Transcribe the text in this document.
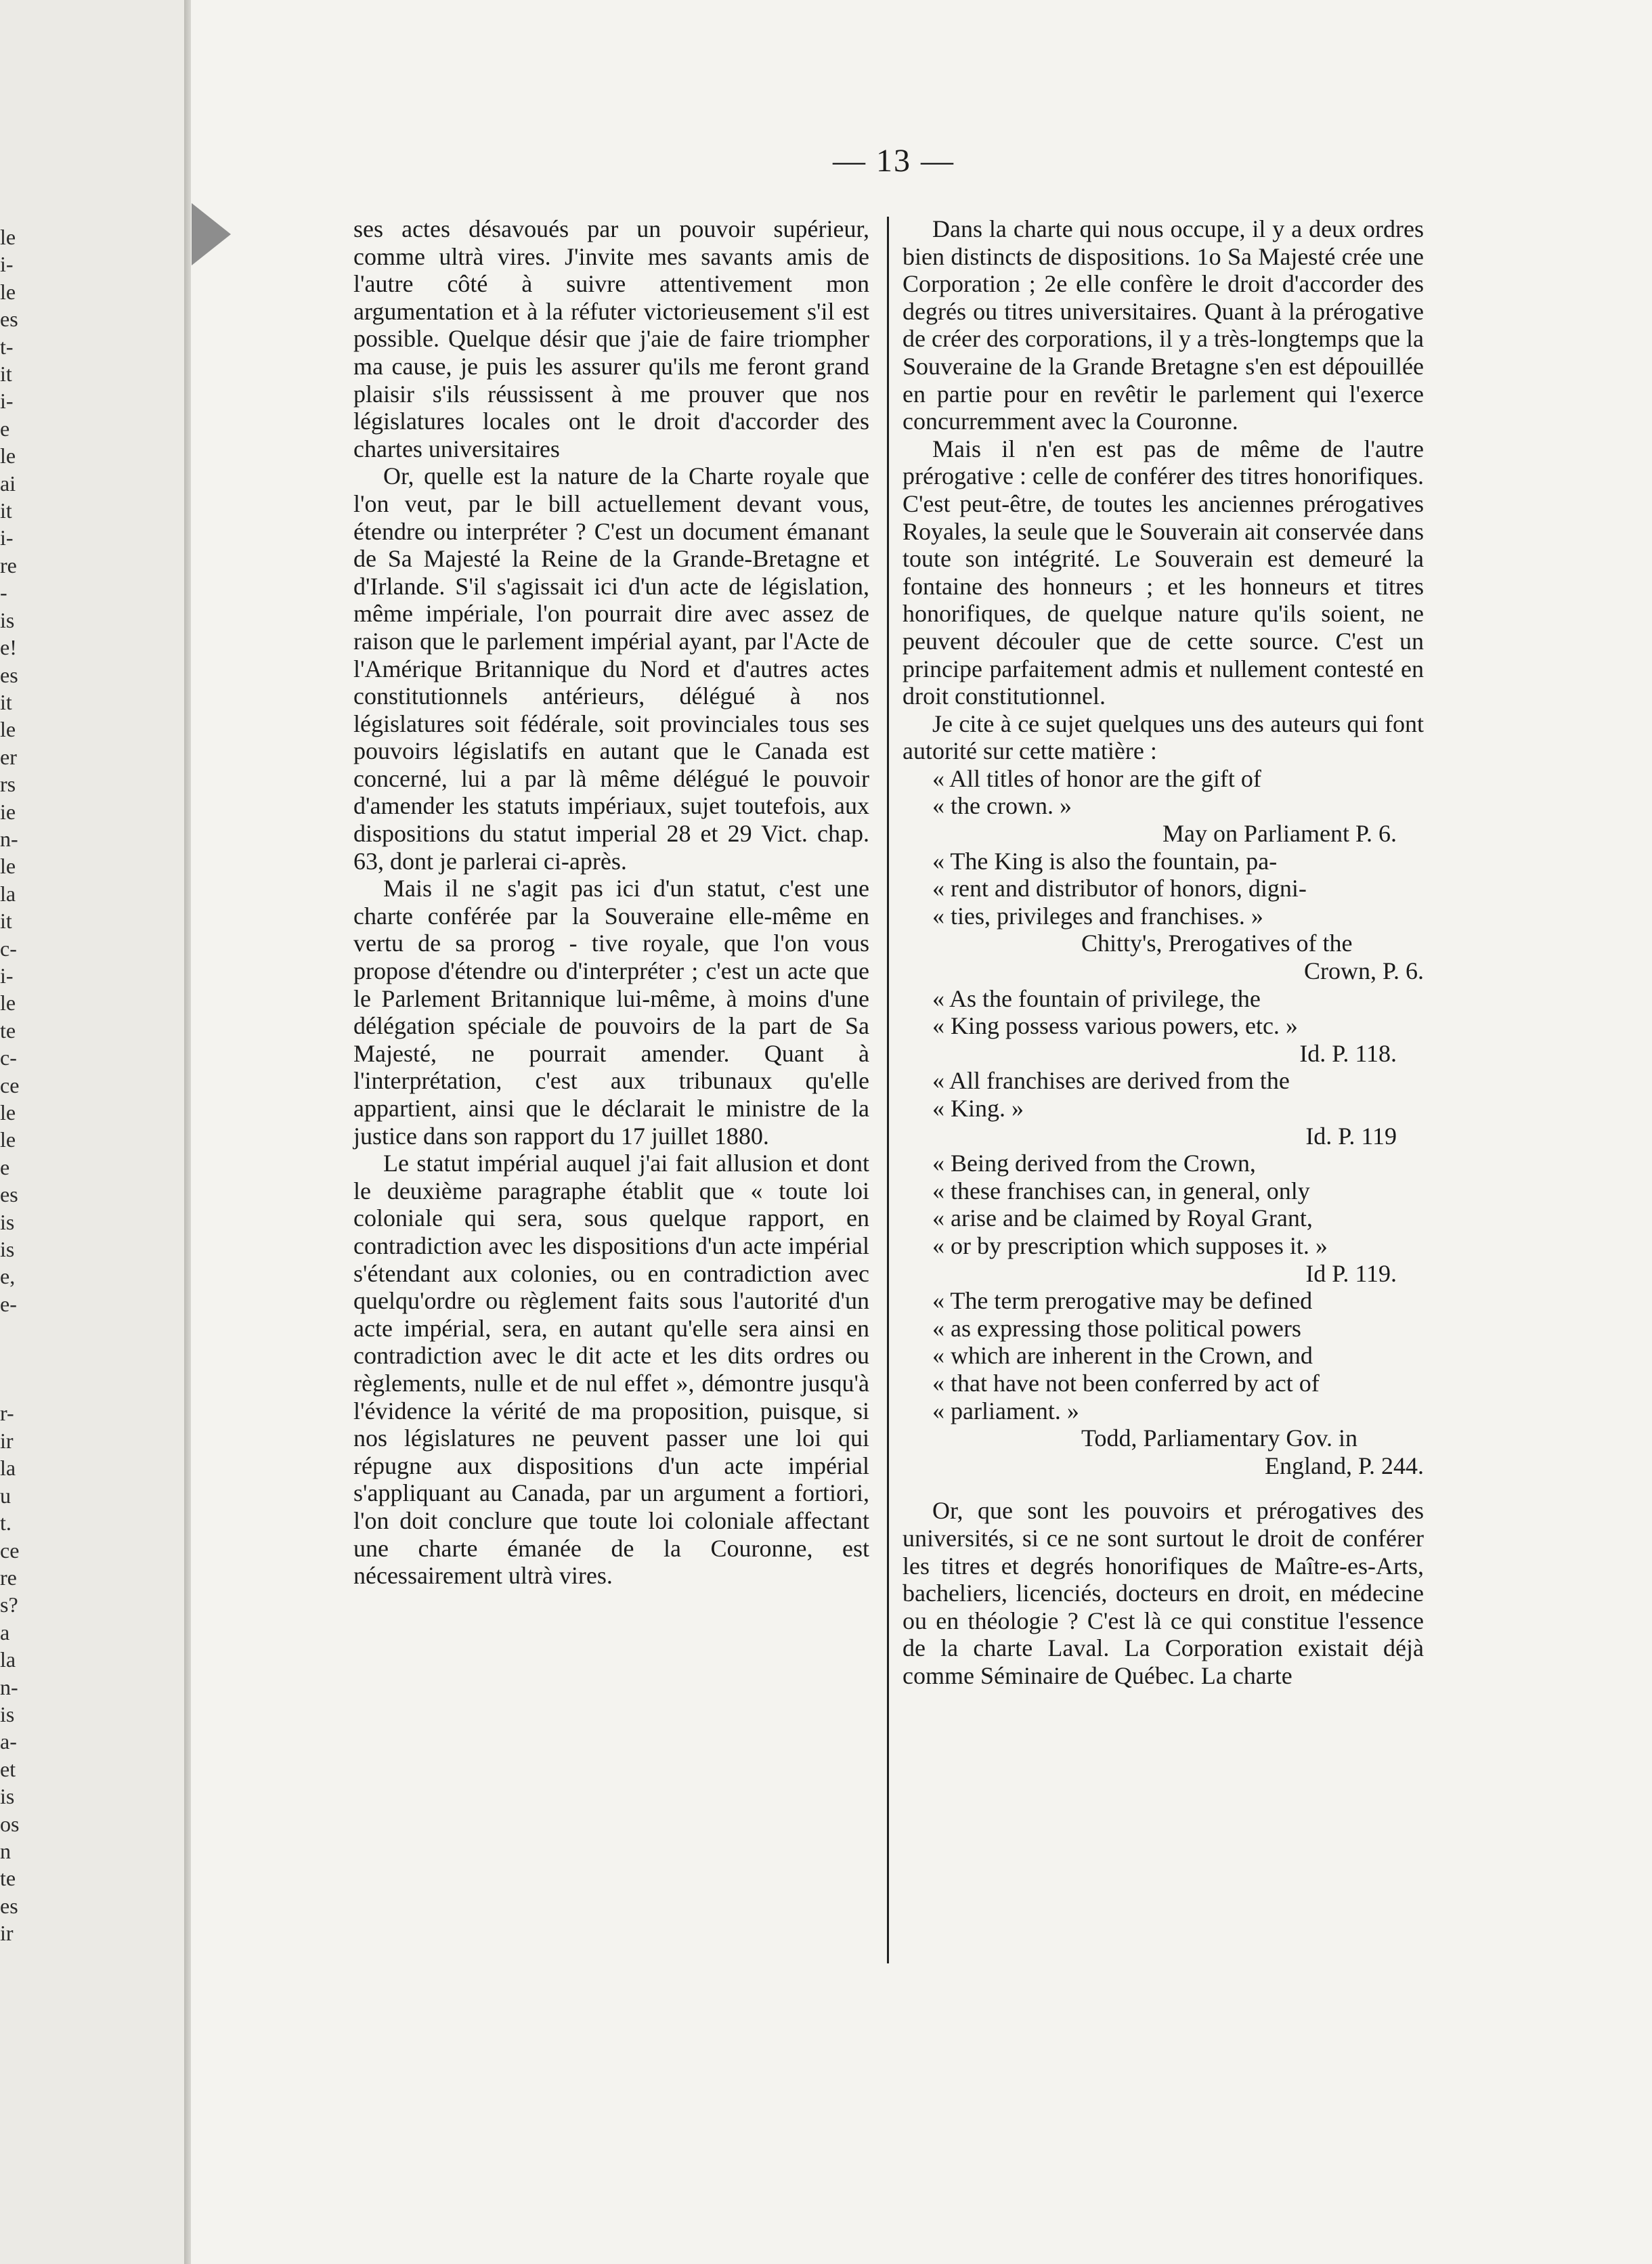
le
i-
le
es
t-
it
i-
e
le
ai
it
i-
re
-
is
e!
es
it
le
er
rs
ie
n-
le
la
it
c-
i-
le
te
c-
ce
le
le
e
es
is
is
e,
e-

r-
ir
la
u
t.
ce
re
s?
a
la
n-
is
a-
et
is
os
n
te
es
ir
— 13 —

ses actes désavoués par un pouvoir supérieur, comme ultrà vires. J'invite mes savants amis de l'autre côté à suivre attentivement mon argumentation et à la réfuter victorieusement s'il est possible. Quelque désir que j'aie de faire triompher ma cause, je puis les assurer qu'ils me feront grand plaisir s'ils réussissent à me prouver que nos législatures locales ont le droit d'accorder des chartes universitaires

Or, quelle est la nature de la Charte royale que l'on veut, par le bill actuellement devant vous, étendre ou interpréter ? C'est un document émanant de Sa Majesté la Reine de la Grande-Bretagne et d'Irlande. S'il s'agissait ici d'un acte de législation, même impériale, l'on pourrait dire avec assez de raison que le parlement impérial ayant, par l'Acte de l'Amérique Britannique du Nord et d'autres actes constitutionnels antérieurs, délégué à nos législatures soit fédérale, soit provinciales tous ses pouvoirs législatifs en autant que le Canada est concerné, lui a par là même délégué le pouvoir d'amender les statuts impériaux, sujet toutefois, aux dispositions du statut imperial 28 et 29 Vict. chap. 63, dont je parlerai ci-après.

Mais il ne s'agit pas ici d'un statut, c'est une charte conférée par la Souveraine elle-même en vertu de sa prorog - tive royale, que l'on vous propose d'étendre ou d'interpréter ; c'est un acte que le Parlement Britannique lui-même, à moins d'une délégation spéciale de pouvoirs de la part de Sa Majesté, ne pourrait amender. Quant à l'interprétation, c'est aux tribunaux qu'elle appartient, ainsi que le déclarait le ministre de la justice dans son rapport du 17 juillet 1880.

Le statut impérial auquel j'ai fait allusion et dont le deuxième paragraphe établit que « toute loi coloniale qui sera, sous quelque rapport, en contradiction avec les dispositions d'un acte impérial s'étendant aux colonies, ou en contradiction avec quelqu'ordre ou règlement faits sous l'autorité d'un acte impérial, sera, en autant qu'elle sera ainsi en contradiction avec le dit acte et les dits ordres ou règlements, nulle et de nul effet », démontre jusqu'à l'évidence la vérité de ma proposition, puisque, si nos législatures ne peuvent passer une loi qui répugne aux dispositions d'un acte impérial s'appliquant au Canada, par un argument a fortiori, l'on doit conclure que toute loi coloniale affectant une charte émanée de la Couronne, est nécessairement ultrà vires.

Dans la charte qui nous occupe, il y a deux ordres bien distincts de dispositions. 1o Sa Majesté crée une Corporation ; 2e elle confère le droit d'accorder des degrés ou titres universitaires. Quant à la prérogative de créer des corporations, il y a très-longtemps que la Souveraine de la Grande Bretagne s'en est dépouillée en partie pour en revêtir le parlement qui l'exerce concurremment avec la Couronne.

Mais il n'en est pas de même de l'autre prérogative : celle de conférer des titres honorifiques. C'est peut-être, de toutes les anciennes prérogatives Royales, la seule que le Souverain ait conservée dans toute son intégrité. Le Souverain est demeuré la fontaine des honneurs ; et les honneurs et titres honorifiques, de quelque nature qu'ils soient, ne peuvent découler que de cette source. C'est un principe parfaitement admis et nullement contesté en droit constitutionnel.

Je cite à ce sujet quelques uns des auteurs qui font autorité sur cette matière :

« All titles of honor are the gift of

« the crown. »

May on Parliament P. 6.

« The King is also the fountain, pa-

« rent and distributor of honors, digni-

« ties, privileges and franchises. »

Chitty's, Prerogatives of the

Crown, P. 6.

« As the fountain of privilege, the

« King possess various powers, etc. »

Id. P. 118.

« All franchises are derived from the

« King. »

Id. P. 119

« Being derived from the Crown,

« these franchises can, in general, only

« arise and be claimed by Royal Grant,

« or by prescription which supposes it. »

Id P. 119.

« The term prerogative may be defined

« as expressing those political powers

« which are inherent in the Crown, and

« that have not been conferred by act of

« parliament. »

Todd, Parliamentary Gov. in

England, P. 244.

Or, que sont les pouvoirs et prérogatives des universités, si ce ne sont surtout le droit de conférer les titres et degrés honorifiques de Maître-es-Arts, bacheliers, licenciés, docteurs en droit, en médecine ou en théologie ? C'est là ce qui constitue l'essence de la charte Laval. La Corporation existait déjà comme Séminaire de Québec. La charte
